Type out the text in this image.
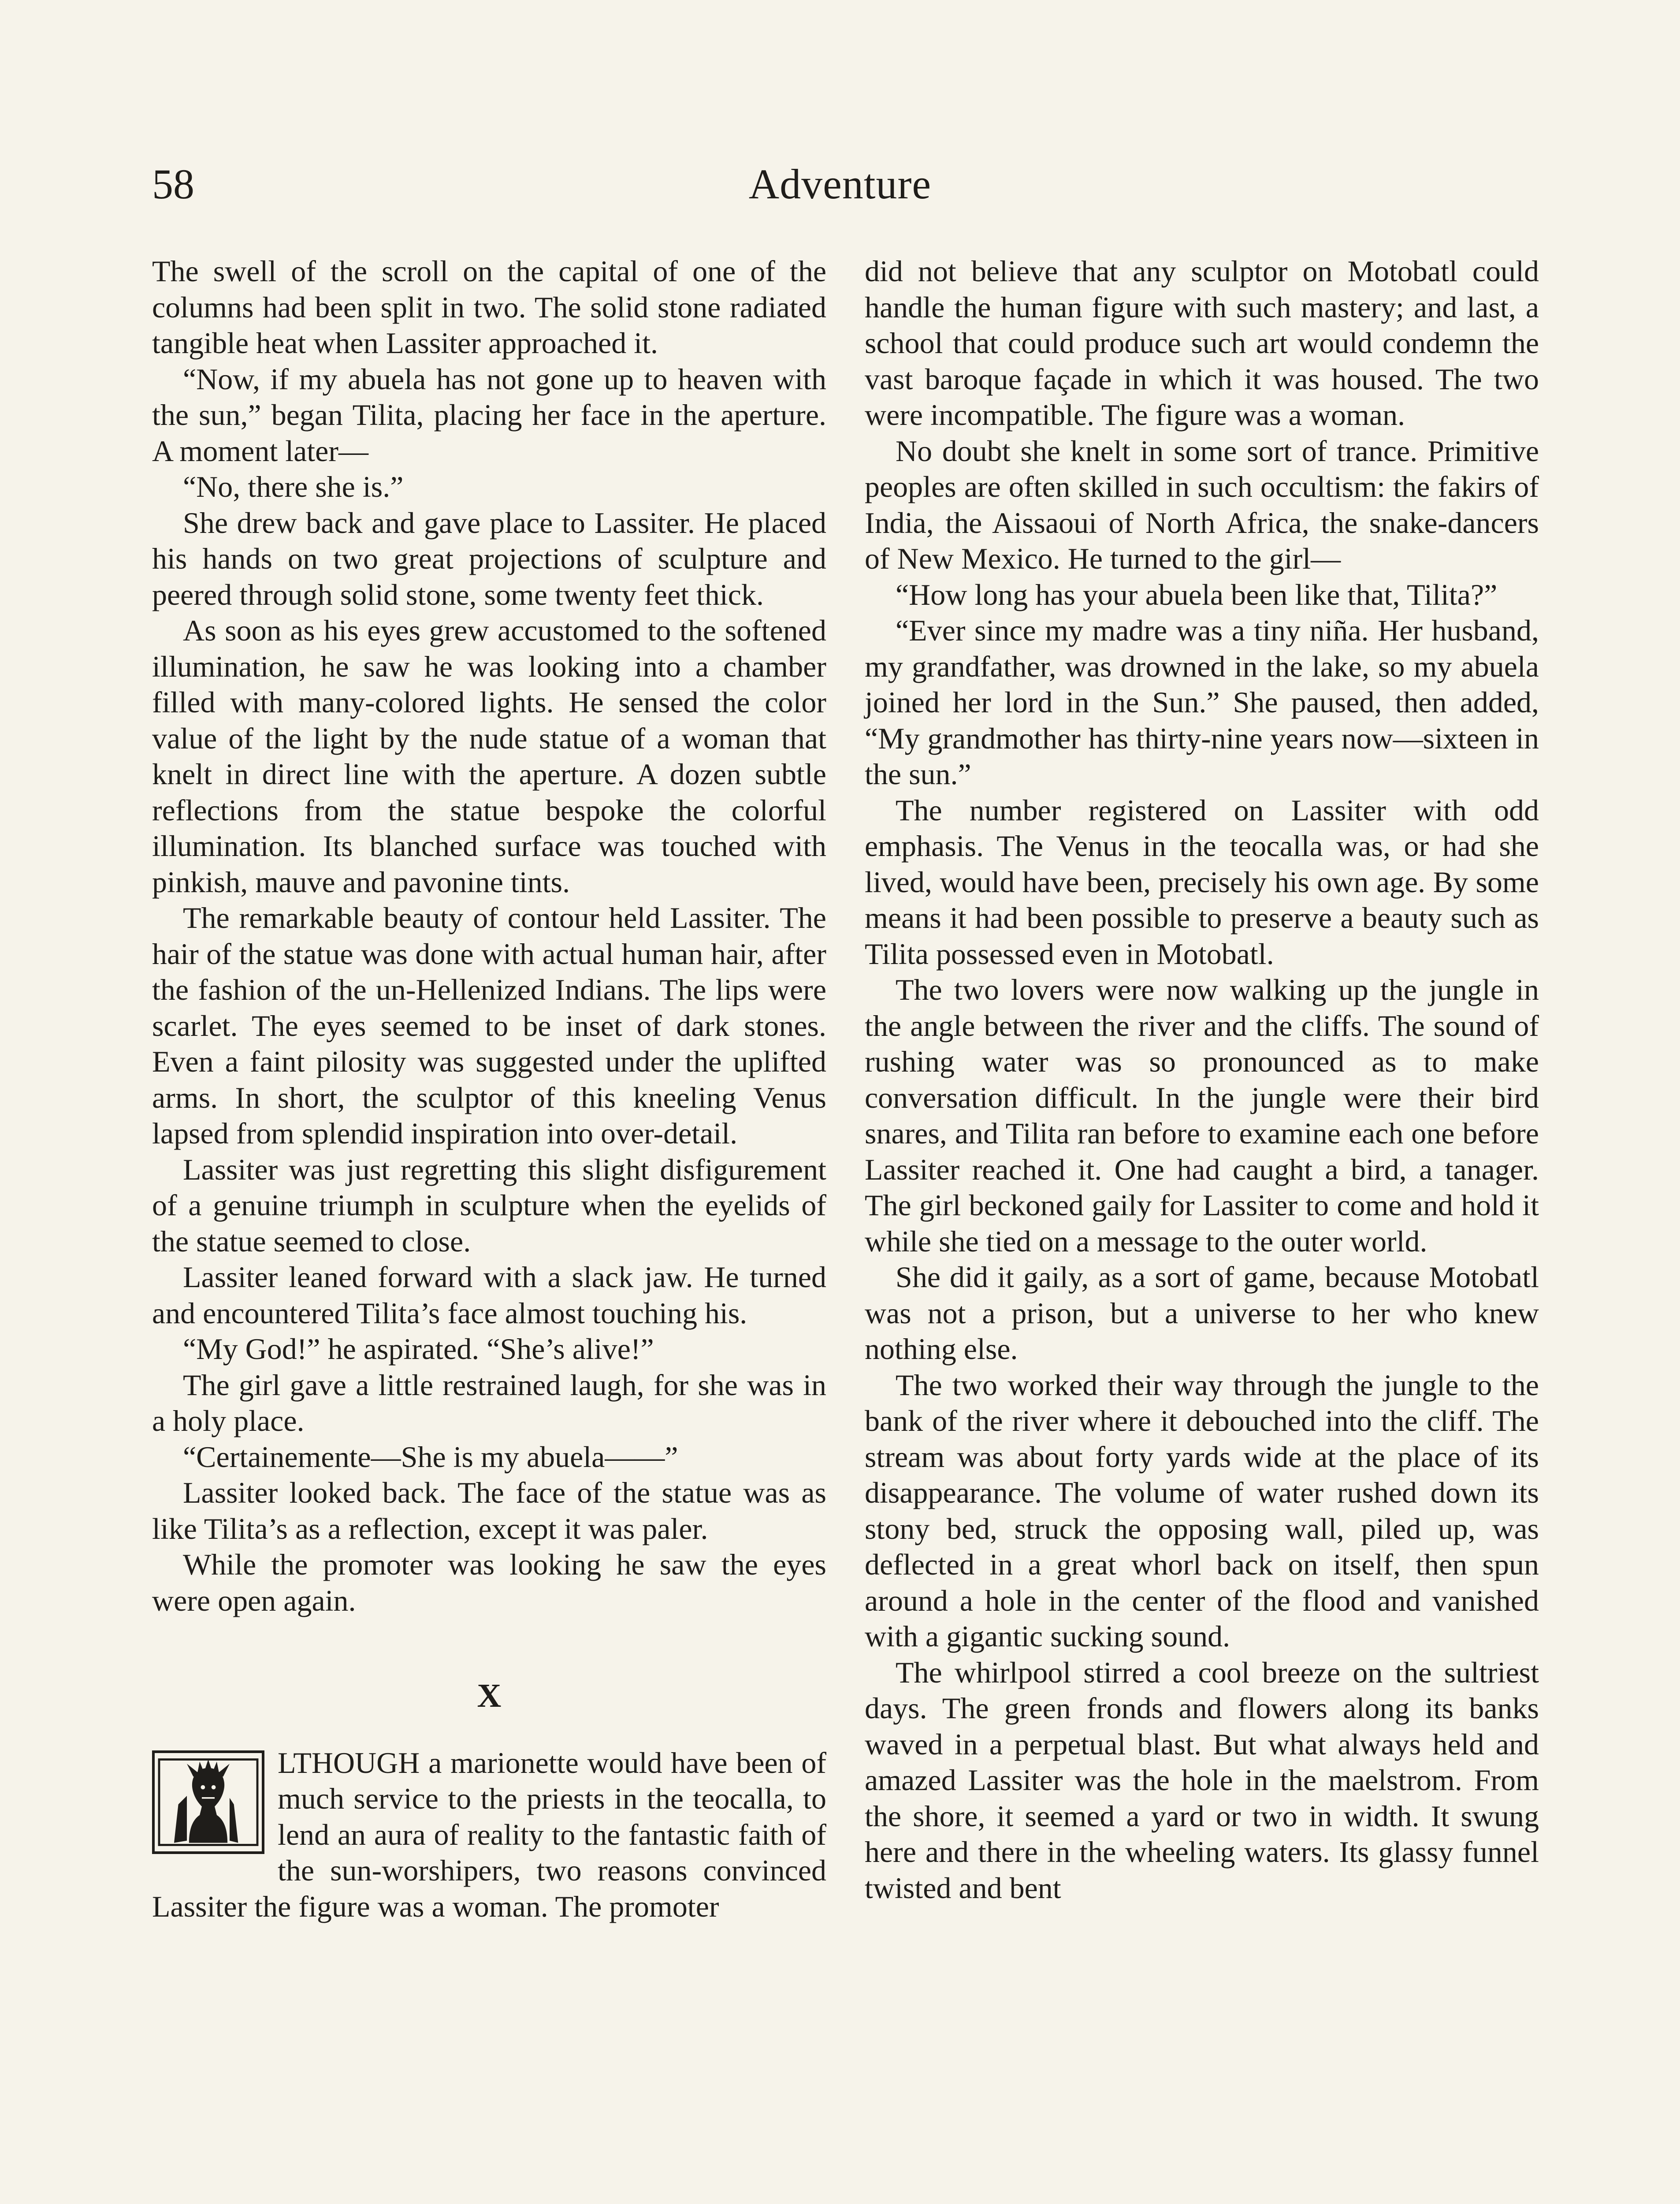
58	Adventure

The swell of the scroll on the capital of one of the columns had been split in two. The solid stone radiated tangible heat when Lassiter approached it.

“Now, if my abuela has not gone up to heaven with the sun,” began Tilita, placing her face in the aperture. A moment later—

“No, there she is.”

She drew back and gave place to Lassiter. He placed his hands on two great projections of sculpture and peered through solid stone, some twenty feet thick.

As soon as his eyes grew accustomed to the softened illumination, he saw he was looking into a chamber filled with many-colored lights. He sensed the color value of the light by the nude statue of a woman that knelt in direct line with the aperture. A dozen subtle reflections from the statue bespoke the colorful illumination. Its blanched surface was touched with pinkish, mauve and pavonine tints.

The remarkable beauty of contour held Lassiter. The hair of the statue was done with actual human hair, after the fashion of the un-Hellenized Indians. The lips were scarlet. The eyes seemed to be inset of dark stones. Even a faint pilosity was suggested under the uplifted arms. In short, the sculptor of this kneeling Venus lapsed from splendid inspiration into over-detail.

Lassiter was just regretting this slight disfigurement of a genuine triumph in sculpture when the eyelids of the statue seemed to close.

Lassiter leaned forward with a slack jaw. He turned and encountered Tilita’s face almost touching his.

“My God!” he aspirated. “She’s alive!”

The girl gave a little restrained laugh, for she was in a holy place.

“Certainemente—She is my abuela——”

Lassiter looked back. The face of the statue was as like Tilita’s as a reflection, except it was paler.

While the promoter was looking he saw the eyes were open again.

X

LTHOUGH a marionette would have been of much service to the priests in the teocalla, to lend an aura of reality to the fantastic faith of the sun-worshipers, two reasons convinced Lassiter the figure was a woman. The promoter

did not believe that any sculptor on Motobatl could handle the human figure with such mastery; and last, a school that could produce such art would condemn the vast baroque façade in which it was housed. The two were incompatible. The figure was a woman.

No doubt she knelt in some sort of trance. Primitive peoples are often skilled in such occultism: the fakirs of India, the Aissaoui of North Africa, the snake-dancers of New Mexico. He turned to the girl—

“How long has your abuela been like that, Tilita?”

“Ever since my madre was a tiny niña. Her husband, my grandfather, was drowned in the lake, so my abuela joined her lord in the Sun.” She paused, then added, “My grandmother has thirty-nine years now—sixteen in the sun.”

The number registered on Lassiter with odd emphasis. The Venus in the teocalla was, or had she lived, would have been, precisely his own age. By some means it had been possible to preserve a beauty such as Tilita possessed even in Motobatl.

The two lovers were now walking up the jungle in the angle between the river and the cliffs. The sound of rushing water was so pronounced as to make conversation difficult. In the jungle were their bird snares, and Tilita ran before to examine each one before Lassiter reached it. One had caught a bird, a tanager. The girl beckoned gaily for Lassiter to come and hold it while she tied on a message to the outer world.

She did it gaily, as a sort of game, because Motobatl was not a prison, but a universe to her who knew nothing else.

The two worked their way through the jungle to the bank of the river where it debouched into the cliff. The stream was about forty yards wide at the place of its disappearance. The volume of water rushed down its stony bed, struck the opposing wall, piled up, was deflected in a great whorl back on itself, then spun around a hole in the center of the flood and vanished with a gigantic sucking sound.

The whirlpool stirred a cool breeze on the sultriest days. The green fronds and flowers along its banks waved in a perpetual blast. But what always held and amazed Lassiter was the hole in the maelstrom. From the shore, it seemed a yard or two in width. It swung here and there in the wheeling waters. Its glassy funnel twisted and bent
